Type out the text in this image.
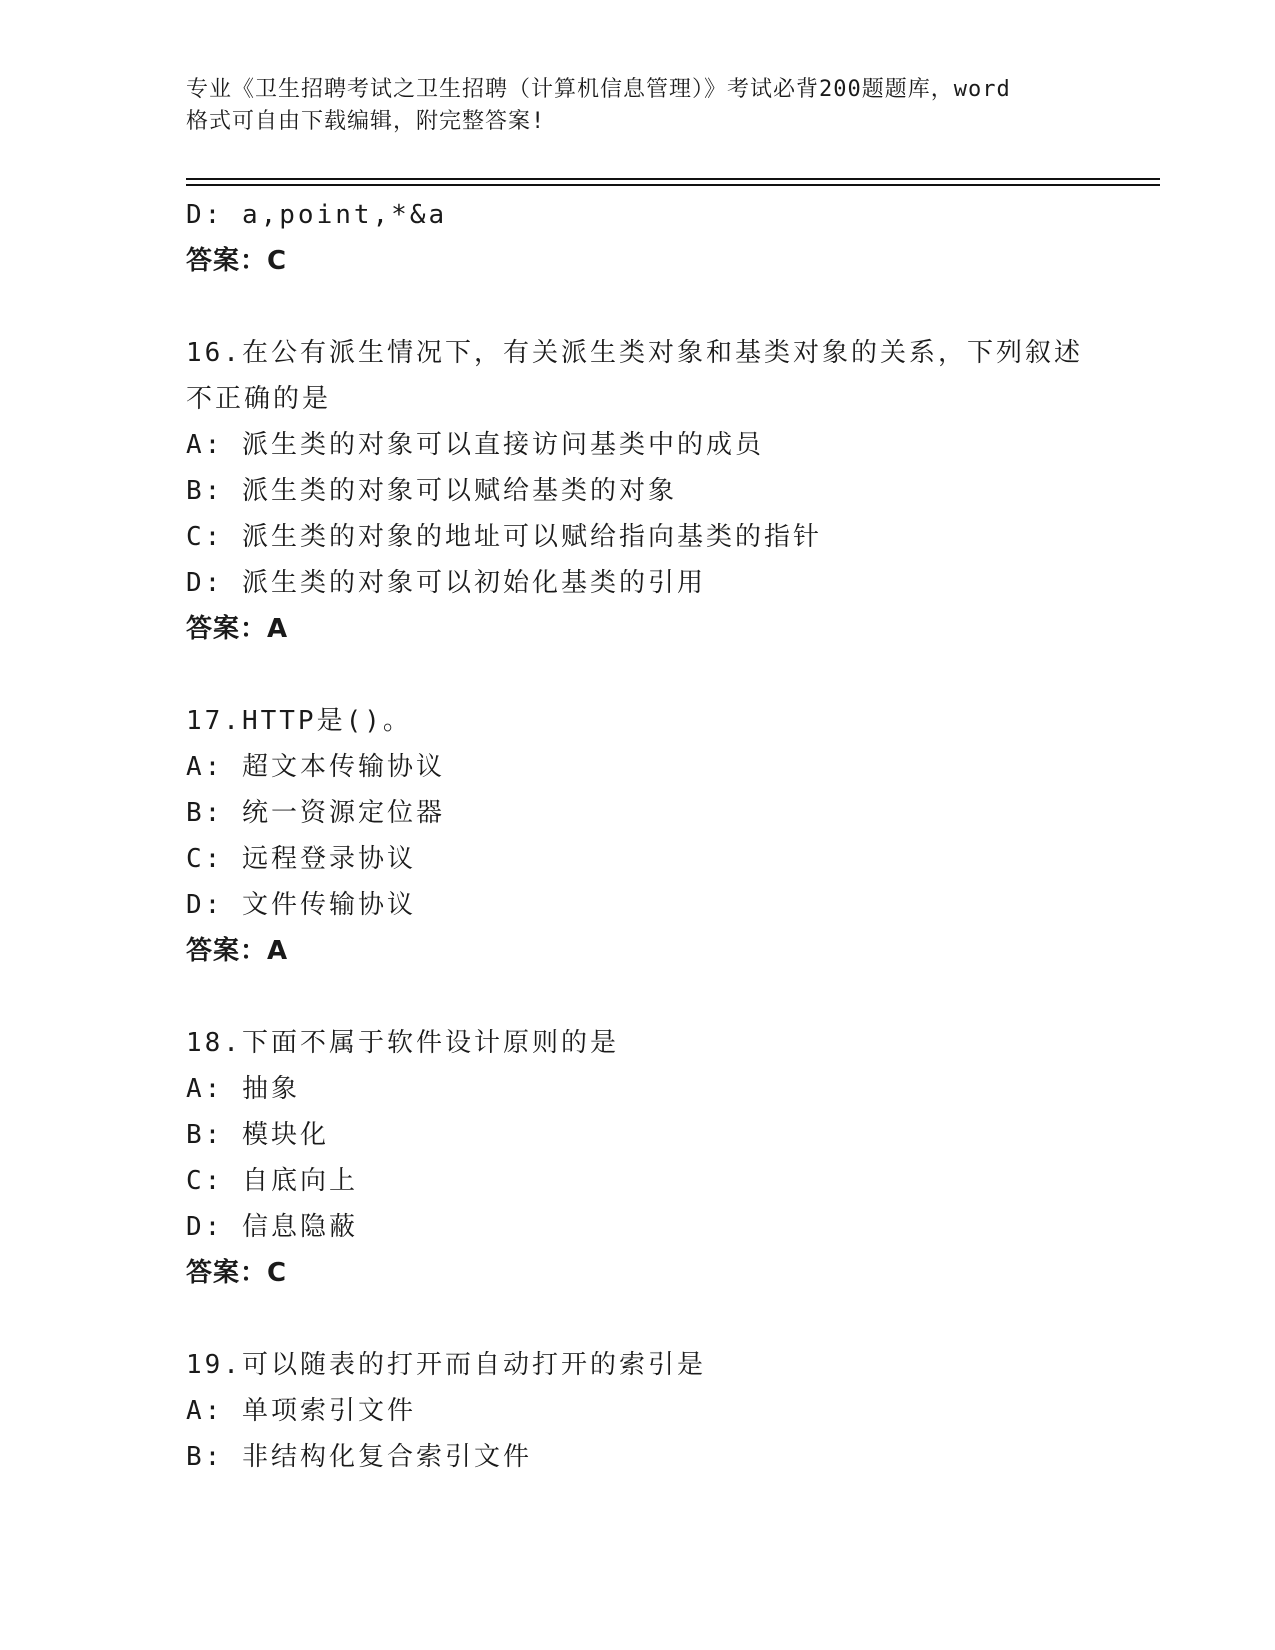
专业《卫生招聘考试之卫生招聘（计算机信息管理）》考试必背200题题库，word
格式可自由下载编辑，附完整答案!
D: a,point,*&a
答案：C
16.在公有派生情况下，有关派生类对象和基类对象的关系，下列叙述
不正确的是
A: 派生类的对象可以直接访问基类中的成员
B: 派生类的对象可以赋给基类的对象
C: 派生类的对象的地址可以赋给指向基类的指针
D: 派生类的对象可以初始化基类的引用
答案：A
17.HTTP是()。
A: 超文本传输协议
B: 统一资源定位器
C: 远程登录协议
D: 文件传输协议
答案：A
18.下面不属于软件设计原则的是
A: 抽象
B: 模块化
C: 自底向上
D: 信息隐蔽
答案：C
19.可以随表的打开而自动打开的索引是
A: 单项索引文件
B: 非结构化复合索引文件
